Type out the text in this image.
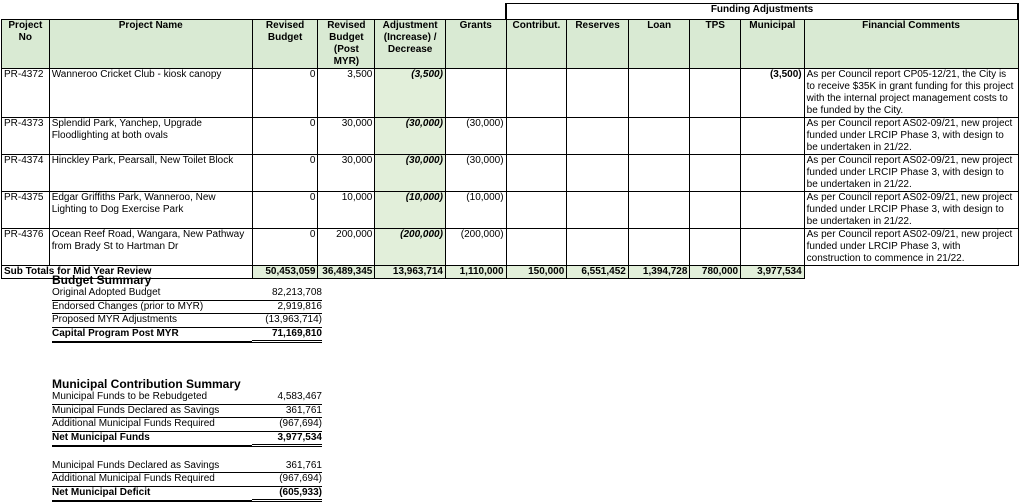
						Funding Adjustments						
Project No	Project Name	Revised Budget	Revised Budget (Post MYR)	Adjustment (Increase) / Decrease	Grants	Contribut.	Reserves	Loan	TPS	Municipal	Financial Comments	
PR-4372	Wanneroo Cricket Club - kiosk canopy	0	3,500	(3,500)						(3,500)	As per Council report CP05-12/21, the City is to receive $35K in grant funding for this project with the internal project management costs to be funded by the City.	
PR-4373	Splendid Park, Yanchep, Upgrade Floodlighting at both ovals	0	30,000	(30,000)	(30,000)						As per Council report AS02-09/21, new project funded under LRCIP Phase 3, with design to be undertaken in 21/22.	
PR-4374	Hinckley Park, Pearsall, New Toilet Block	0	30,000	(30,000)	(30,000)						As per Council report AS02-09/21, new project funded under LRCIP Phase 3, with design to be undertaken in 21/22.	
PR-4375	Edgar Griffiths Park, Wanneroo, New Lighting to Dog Exercise Park	0	10,000	(10,000)	(10,000)						As per Council report AS02-09/21, new project funded under LRCIP Phase 3, with design to be undertaken in 21/22.	
PR-4376	Ocean Reef Road, Wangara, New Pathway from Brady St to Hartman Dr	0	200,000	(200,000)	(200,000)						As per Council report AS02-09/21, new project funded under LRCIP Phase 3, with construction to commence in 21/22.	
Sub Totals for Mid Year Review		50,453,059	36,489,345	13,963,714	1,110,000	150,000	6,551,452	1,394,728	780,000	3,977,534		
Budget Summary
Original Adopted Budget	82,213,708
Endorsed Changes (prior to MYR)	2,919,816
Proposed MYR Adjustments	(13,963,714)
Capital Program Post MYR	71,169,810
Municipal Contribution Summary
Municipal Funds to be Rebudgeted	4,583,467
Municipal Funds Declared as Savings	361,761
Additional Municipal Funds Required	(967,694)
Net Municipal Funds	3,977,534

Municipal Funds Declared as Savings	361,761
Additional Municipal Funds Required	(967,694)
Net Municipal Deficit	(605,933)
